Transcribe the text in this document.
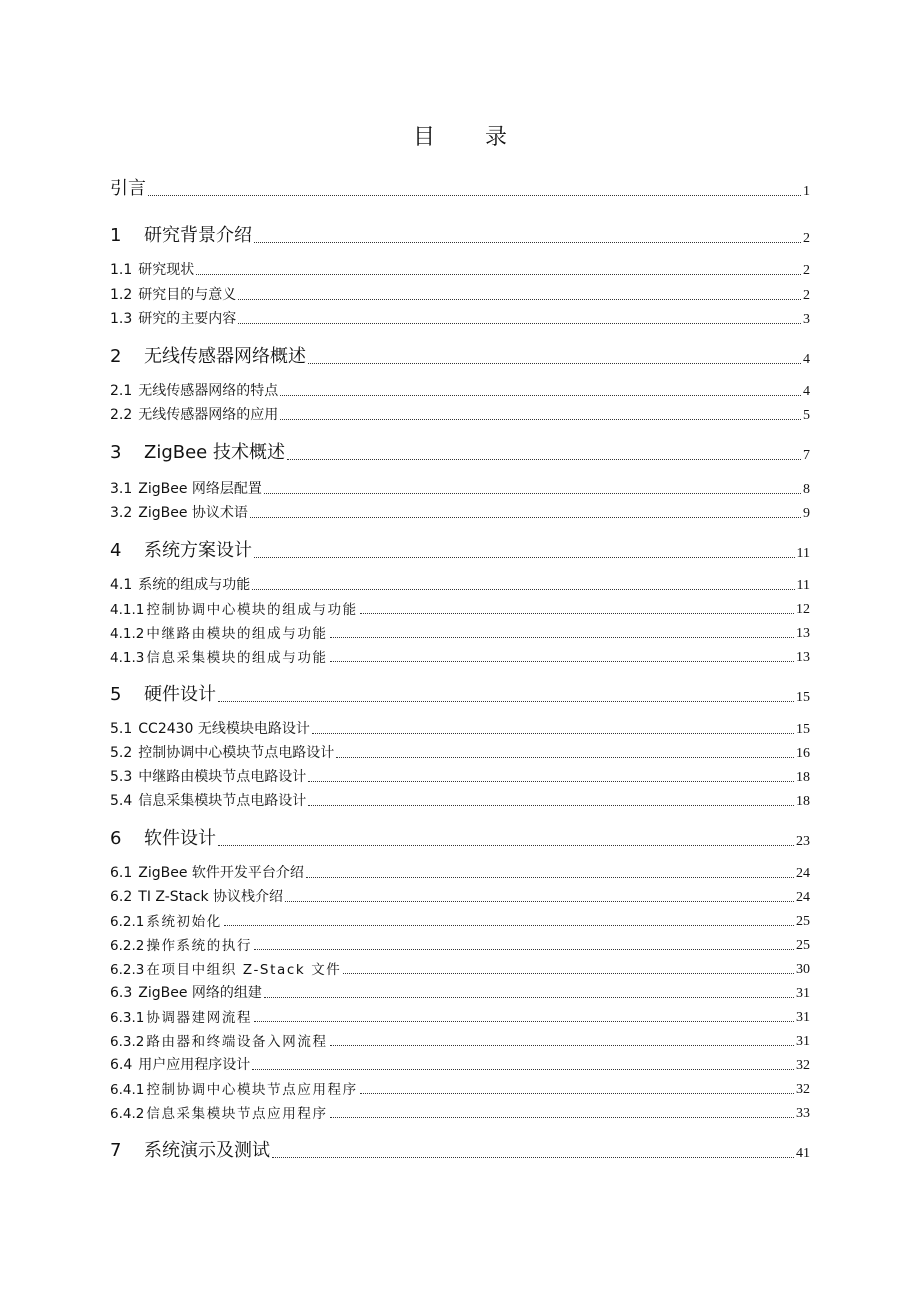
目 录
引言	1
1 研究背景介绍	2
1.1 研究现状	2
1.2 研究目的与意义	2
1.3 研究的主要内容	3
2 无线传感器网络概述	4
2.1 无线传感器网络的特点	4
2.2 无线传感器网络的应用	5
3 ZigBee 技术概述	7
3.1 ZigBee 网络层配置	8
3.2 ZigBee 协议术语	9
4 系统方案设计	11
4.1 系统的组成与功能	11
4.1.1 控制协调中心模块的组成与功能	12
4.1.2 中继路由模块的组成与功能	13
4.1.3 信息采集模块的组成与功能	13
5 硬件设计	15
5.1 CC2430 无线模块电路设计	15
5.2 控制协调中心模块节点电路设计	16
5.3 中继路由模块节点电路设计	18
5.4 信息采集模块节点电路设计	18
6 软件设计	23
6.1 ZigBee 软件开发平台介绍	24
6.2 TI Z-Stack 协议栈介绍	24
6.2.1 系统初始化	25
6.2.2 操作系统的执行	25
6.2.3 在项目中组织 Z-Stack 文件	30
6.3 ZigBee 网络的组建	31
6.3.1 协调器建网流程	31
6.3.2 路由器和终端设备入网流程	31
6.4 用户应用程序设计	32
6.4.1 控制协调中心模块节点应用程序	32
6.4.2 信息采集模块节点应用程序	33
7 系统演示及测试	41
